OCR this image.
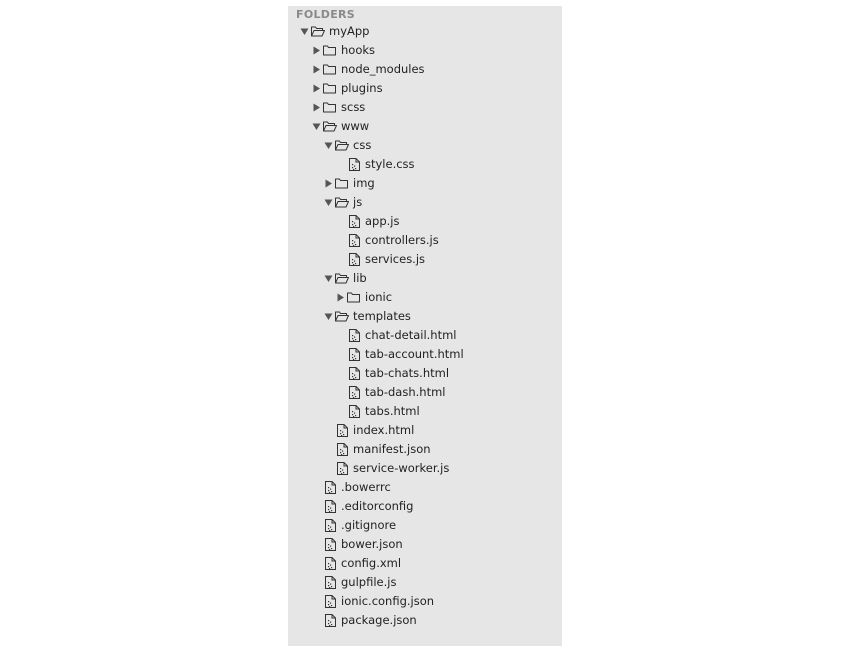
FOLDERS
myApp
hooks
node_modules
plugins
scss
www
css
style.css
img
js
app.js
controllers.js
services.js
lib
ionic
templates
chat-detail.html
tab-account.html
tab-chats.html
tab-dash.html
tabs.html
index.html
manifest.json
service-worker.js
.bowerrc
.editorconfig
.gitignore
bower.json
config.xml
gulpfile.js
ionic.config.json
package.json
